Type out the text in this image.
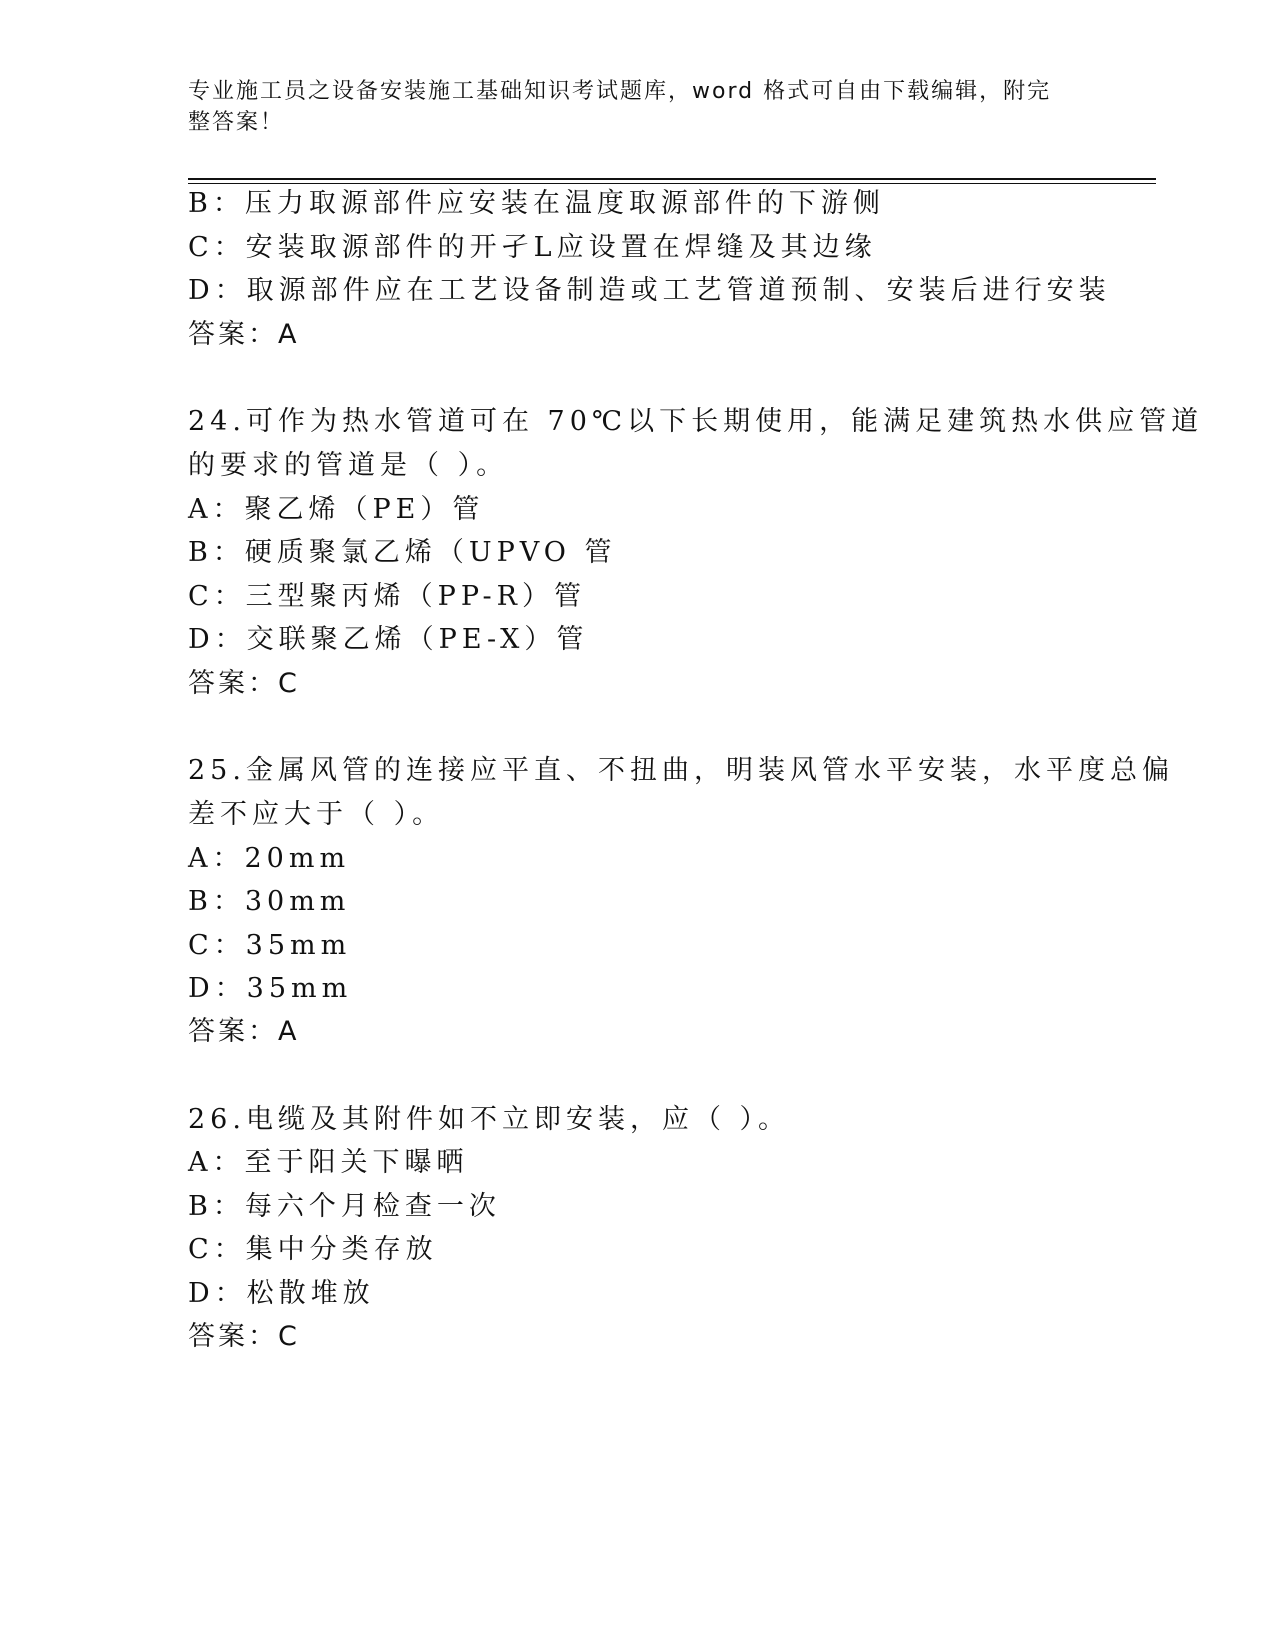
专业施工员之设备安装施工基础知识考试题库，word 格式可自由下载编辑，附完
整答案！
B：压力取源部件应安装在温度取源部件的下游侧
C：安装取源部件的开孑L应设置在焊缝及其边缘
D：取源部件应在工艺设备制造或工艺管道预制、安装后进行安装
答案：A
24.可作为热水管道可在 70℃以下长期使用，能满足建筑热水供应管道
的要求的管道是（ ）。
A：聚乙烯（PE）管
B：硬质聚氯乙烯（UPVO 管
C：三型聚丙烯（PP-R）管
D：交联聚乙烯（PE-X）管
答案：C
25.金属风管的连接应平直、不扭曲，明装风管水平安装，水平度总偏
差不应大于（ ）。
A：20mm
B：30mm
C：35mm
D：35mm
答案：A
26.电缆及其附件如不立即安装，应（ ）。
A：至于阳关下曝晒
B：每六个月检查一次
C：集中分类存放
D：松散堆放
答案：C
